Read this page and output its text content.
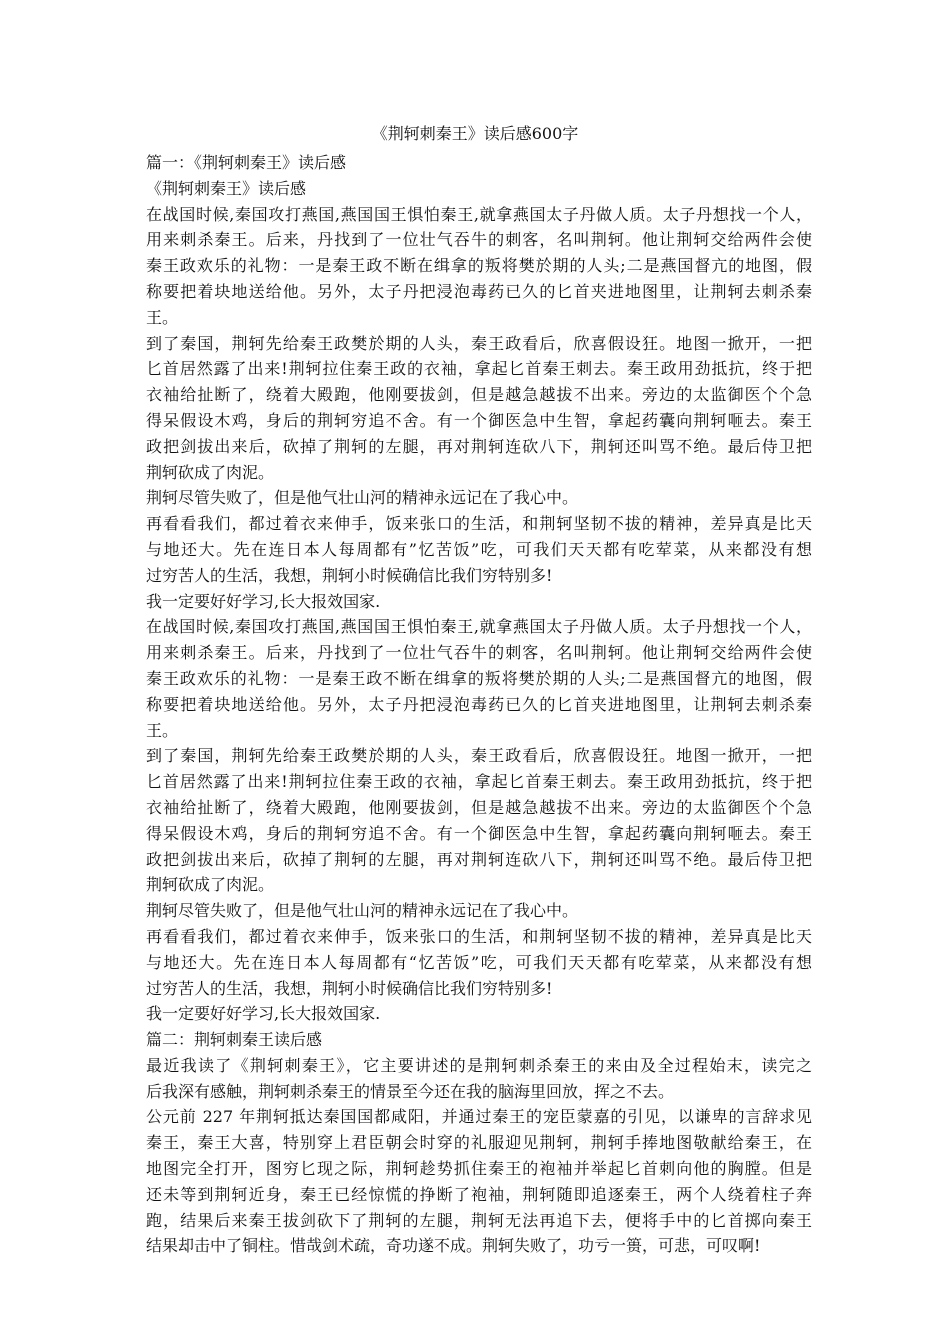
《荆轲刺秦王》读后感600字
篇一：《荆轲刺秦王》读后感
《荆轲刺秦王》读后感
在战国时候,秦国攻打燕国,燕国国王惧怕秦王,就拿燕国太子丹做人质。太子丹想找一个人，
用来刺杀秦王。后来，丹找到了一位壮气吞牛的刺客，名叫荆轲。他让荆轲交给两件会使
秦王政欢乐的礼物：一是秦王政不断在缉拿的叛将樊於期的人头;二是燕国督亢的地图，假
称要把着块地送给他。另外，太子丹把浸泡毒药已久的匕首夹进地图里，让荆轲去刺杀秦
王。
到了秦国，荆轲先给秦王政樊於期的人头，秦王政看后，欣喜假设狂。地图一掀开，一把
匕首居然露了出来!荆轲拉住秦王政的衣袖，拿起匕首秦王刺去。秦王政用劲抵抗，终于把
衣袖给扯断了，绕着大殿跑，他刚要拔剑，但是越急越拔不出来。旁边的太监御医个个急
得呆假设木鸡，身后的荆轲穷追不舍。有一个御医急中生智，拿起药囊向荆轲咂去。秦王
政把剑拔出来后，砍掉了荆轲的左腿，再对荆轲连砍八下，荆轲还叫骂不绝。最后侍卫把
荆轲砍成了肉泥。
荆轲尽管失败了，但是他气壮山河的精神永远记在了我心中。
再看看我们，都过着衣来伸手，饭来张口的生活，和荆轲坚韧不拔的精神，差异真是比天
与地还大。先在连日本人每周都有”忆苦饭”吃，可我们天天都有吃荤菜，从来都没有想
过穷苦人的生活，我想，荆轲小时候确信比我们穷特别多!
我一定要好好学习,长大报效国家.
在战国时候,秦国攻打燕国,燕国国王惧怕秦王,就拿燕国太子丹做人质。太子丹想找一个人，
用来刺杀秦王。后来，丹找到了一位壮气吞牛的刺客，名叫荆轲。他让荆轲交给两件会使
秦王政欢乐的礼物：一是秦王政不断在缉拿的叛将樊於期的人头;二是燕国督亢的地图，假
称要把着块地送给他。另外，太子丹把浸泡毒药已久的匕首夹进地图里，让荆轲去刺杀秦
王。
到了秦国，荆轲先给秦王政樊於期的人头，秦王政看后，欣喜假设狂。地图一掀开，一把
匕首居然露了出来!荆轲拉住秦王政的衣袖，拿起匕首秦王刺去。秦王政用劲抵抗，终于把
衣袖给扯断了，绕着大殿跑，他刚要拔剑，但是越急越拔不出来。旁边的太监御医个个急
得呆假设木鸡，身后的荆轲穷追不舍。有一个御医急中生智，拿起药囊向荆轲咂去。秦王
政把剑拔出来后，砍掉了荆轲的左腿，再对荆轲连砍八下，荆轲还叫骂不绝。最后侍卫把
荆轲砍成了肉泥。
荆轲尽管失败了，但是他气壮山河的精神永远记在了我心中。
再看看我们，都过着衣来伸手，饭来张口的生活，和荆轲坚韧不拔的精神，差异真是比天
与地还大。先在连日本人每周都有“忆苦饭”吃，可我们天天都有吃荤菜，从来都没有想
过穷苦人的生活，我想，荆轲小时候确信比我们穷特别多!
我一定要好好学习,长大报效国家.
篇二：荆轲刺秦王读后感
最近我读了《荆轲刺秦王》，它主要讲述的是荆轲刺杀秦王的来由及全过程始末，读完之
后我深有感触，荆轲刺杀秦王的情景至今还在我的脑海里回放，挥之不去。
公元前 227 年荆轲抵达秦国国都咸阳，并通过秦王的宠臣蒙嘉的引见，以谦卑的言辞求见
秦王，秦王大喜，特别穿上君臣朝会时穿的礼服迎见荆轲，荆轲手捧地图敬献给秦王，在
地图完全打开，图穷匕现之际，荆轲趁势抓住秦王的袍袖并举起匕首刺向他的胸膛。但是
还未等到荆轲近身，秦王已经惊慌的挣断了袍袖，荆轲随即追逐秦王，两个人绕着柱子奔
跑，结果后来秦王拔剑砍下了荆轲的左腿，荆轲无法再追下去，便将手中的匕首掷向秦王
结果却击中了铜柱。惜哉剑术疏，奇功遂不成。荆轲失败了，功亏一篑，可悲，可叹啊!
